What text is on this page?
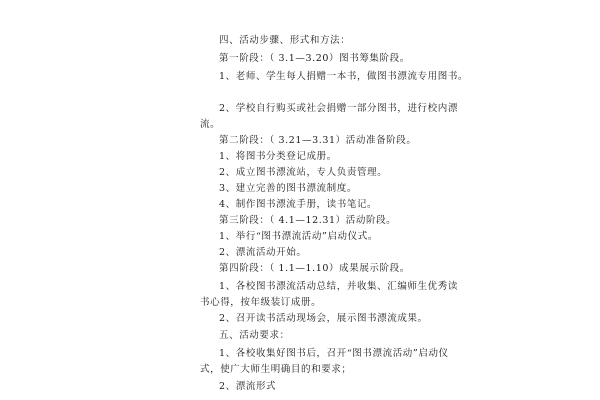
四、活动步骤、形式和方法：
第一阶段：（ 3.1—3.20）图书筹集阶段。
1、老师、学生每人捐赠一本书，做图书漂流专用图书。
2、学校自行购买或社会捐赠一部分图书，进行校内漂
流。
第二阶段：（ 3.21—3.31）活动准备阶段。
1、将图书分类登记成册。
2、成立图书漂流站，专人负责管理。
3、建立完善的图书漂流制度。
4、制作图书漂流手册，读书笔记。
第三阶段：（ 4.1—12.31）活动阶段。
1、举行“图书漂流活动”启动仪式。
2、漂流活动开始。
第四阶段：（ 1.1—1.10）成果展示阶段。
1、各校图书漂流活动总结，并收集、汇编师生优秀读
书心得，按年级装订成册。
2、召开读书活动现场会，展示图书漂流成果。
五、活动要求：
1、各校收集好图书后，召开“图书漂流活动”启动仪
式，使广大师生明确目的和要求；
2、漂流形式
